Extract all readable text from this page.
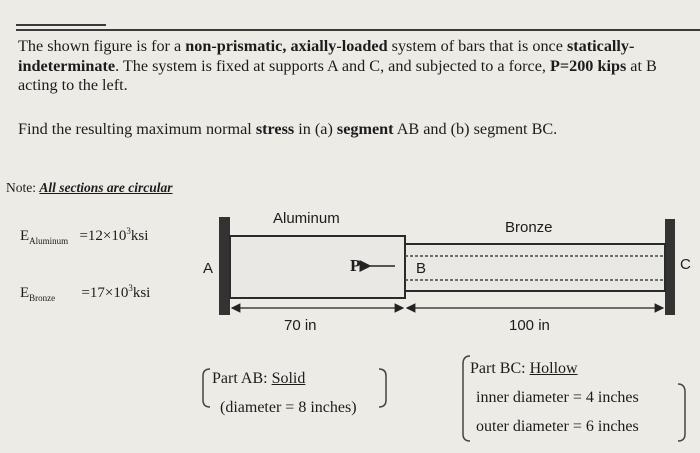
The shown figure is for a non-prismatic, axially-loaded system of bars that is once statically-indeterminate. The system is fixed at supports A and C, and subjected to a force, P=200 kips at B acting to the left.
Find the resulting maximum normal stress in (a) segment AB and (b) segment BC.
Note: All sections are circular
$E_{Aluminum} =12\times 10^3ksi$
$E_{Bronze} =17\times 10^3ksi$
Aluminum
Bronze
A	B	C
P
70 in	100 in
Part AB: Solid
(diameter = 8 inches)
Part BC: Hollow
inner diameter = 4 inches
outer diameter = 6 inches
